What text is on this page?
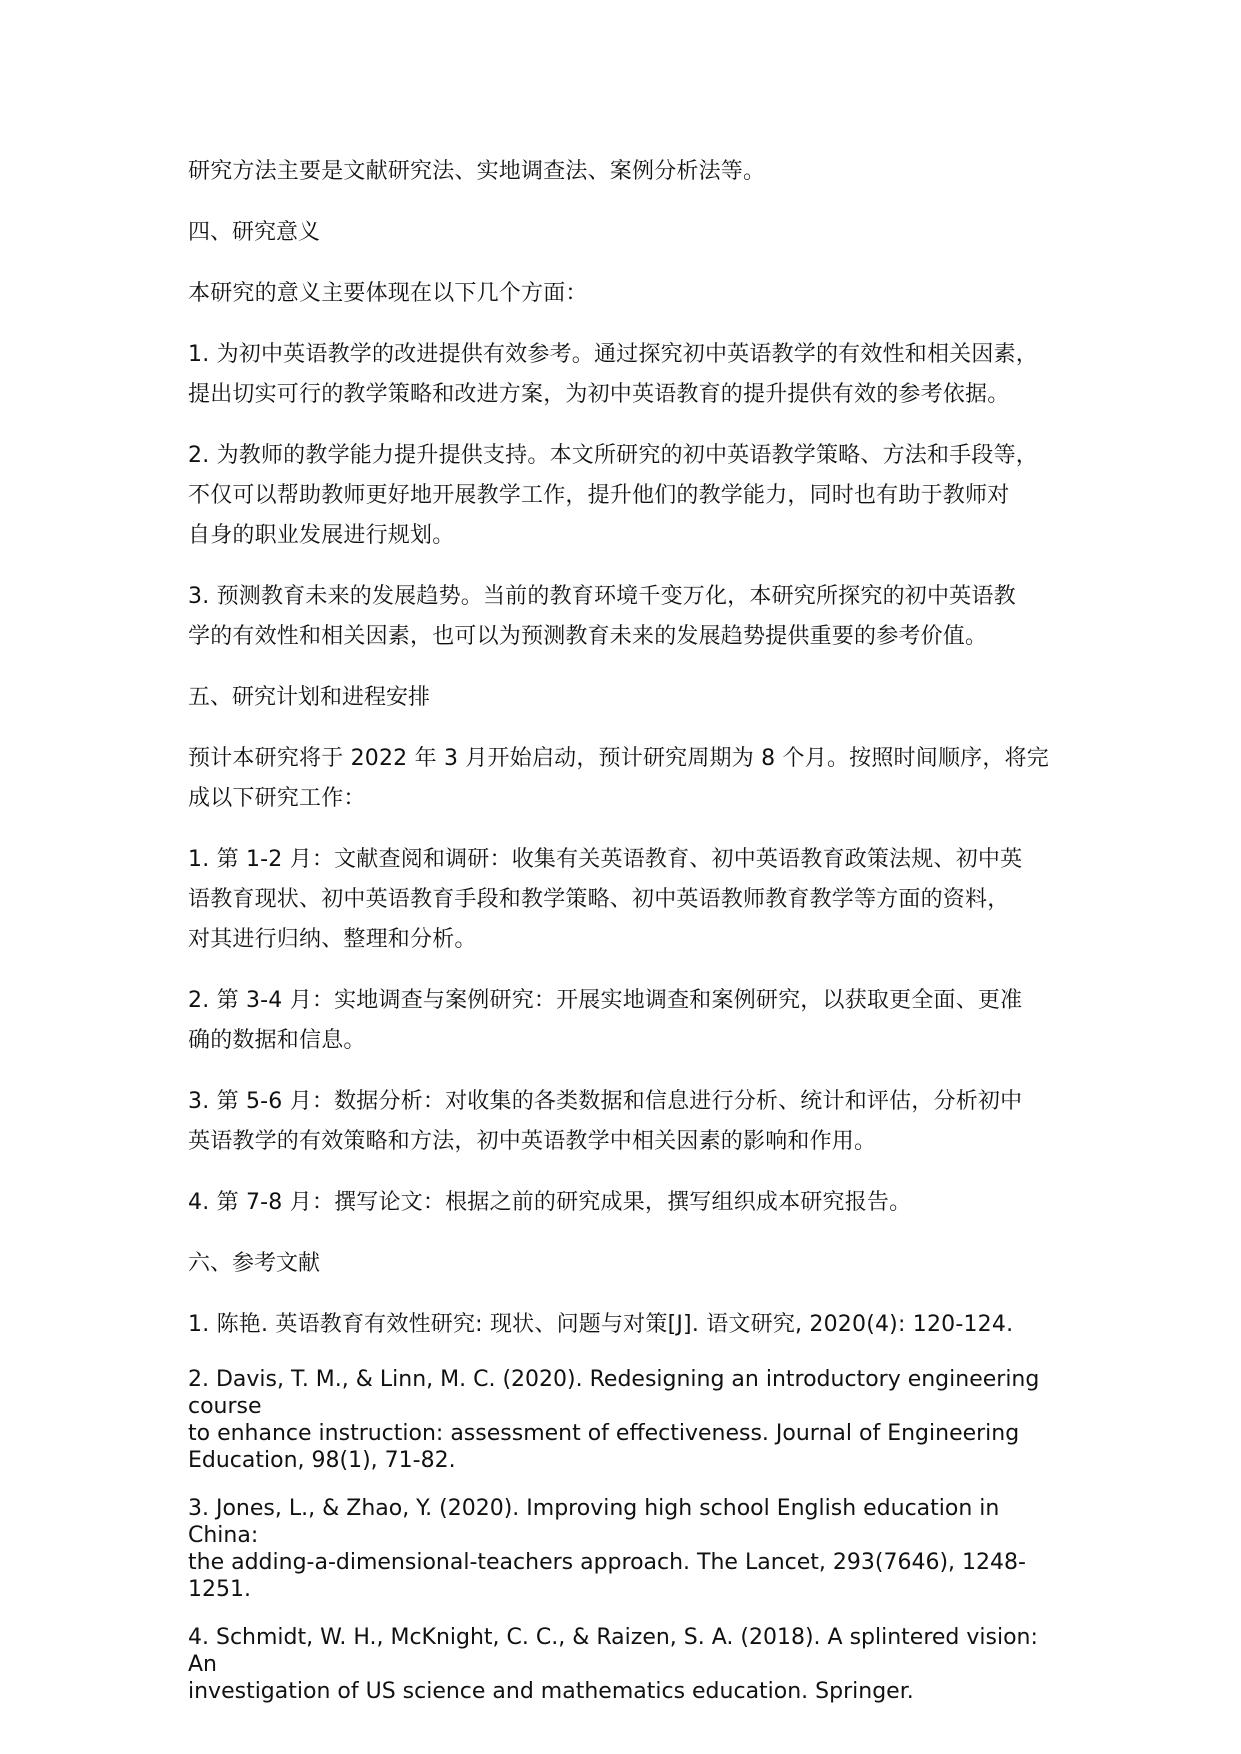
研究方法主要是文献研究法、实地调查法、案例分析法等。

四、研究意义

本研究的意义主要体现在以下几个方面：

1. 为初中英语教学的改进提供有效参考。通过探究初中英语教学的有效性和相关因素，

提出切实可行的教学策略和改进方案，为初中英语教育的提升提供有效的参考依据。

2. 为教师的教学能力提升提供支持。本文所研究的初中英语教学策略、方法和手段等，

不仅可以帮助教师更好地开展教学工作，提升他们的教学能力，同时也有助于教师对

自身的职业发展进行规划。

3. 预测教育未来的发展趋势。当前的教育环境千变万化，本研究所探究的初中英语教

学的有效性和相关因素，也可以为预测教育未来的发展趋势提供重要的参考价值。

五、研究计划和进程安排

预计本研究将于 2022 年 3 月开始启动，预计研究周期为 8 个月。按照时间顺序，将完

成以下研究工作：

1. 第 1-2 月：文献查阅和调研：收集有关英语教育、初中英语教育政策法规、初中英

语教育现状、初中英语教育手段和教学策略、初中英语教师教育教学等方面的资料，

对其进行归纳、整理和分析。

2. 第 3-4 月：实地调查与案例研究：开展实地调查和案例研究，以获取更全面、更准

确的数据和信息。

3. 第 5-6 月：数据分析：对收集的各类数据和信息进行分析、统计和评估，分析初中

英语教学的有效策略和方法，初中英语教学中相关因素的影响和作用。

4. 第 7-8 月：撰写论文：根据之前的研究成果，撰写组织成本研究报告。

六、参考文献

1. 陈艳. 英语教育有效性研究: 现状、问题与对策[J]. 语文研究, 2020(4): 120-124.

2. Davis, T. M., & Linn, M. C. (2020). Redesigning an introductory engineering course

to enhance instruction: assessment of effectiveness. Journal of Engineering

Education, 98(1), 71-82.

3. Jones, L., & Zhao, Y. (2020). Improving high school English education in China:

the adding-a-dimensional-teachers approach. The Lancet, 293(7646), 1248-1251.

4. Schmidt, W. H., McKnight, C. C., & Raizen, S. A. (2018). A splintered vision: An

investigation of US science and mathematics education. Springer.
